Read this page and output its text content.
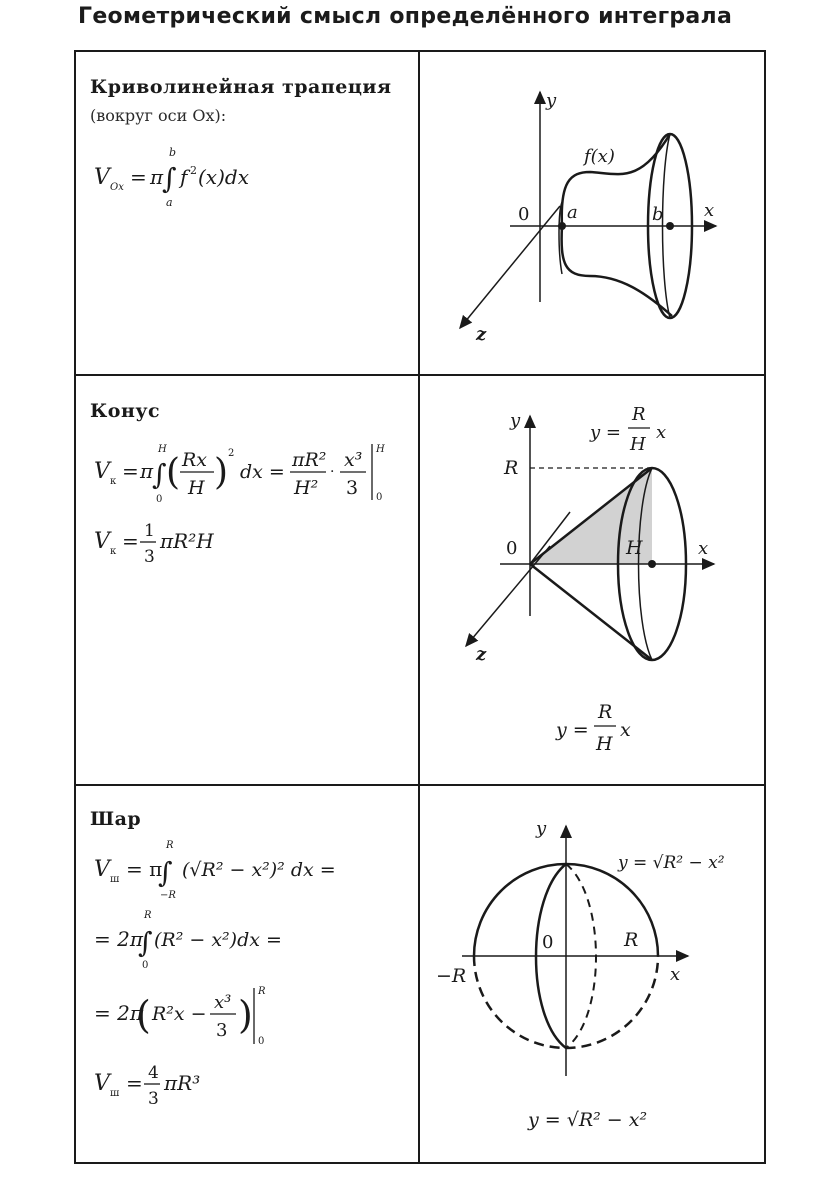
Геометрический смысл определённого интеграла
Криволинейная трапеция
(вокруг оси Ox):
V Ox = π
∫
b
a
f 2 (x)dx
y
x
z
0 a	b
f(x)
Конус
V к = π
∫
H
0
( Rx
H ) 2
dx =
πR²
H²
·
x³
3
H
0
V к = 1
3
πR²H
y
x
z
0
R
H
y =
R
H
x
y =
R
H
x
Шар
V ш = π
∫
R
−R
(√R² − x²)² dx =
= 2π
∫
R
0
(R² − x²)dx =
= 2π
( R²x −
x³
3 )
R
0
V ш = 4
3
πR³
y
x
0	R
−R
y = √R² − x²
y = √R² − x²
